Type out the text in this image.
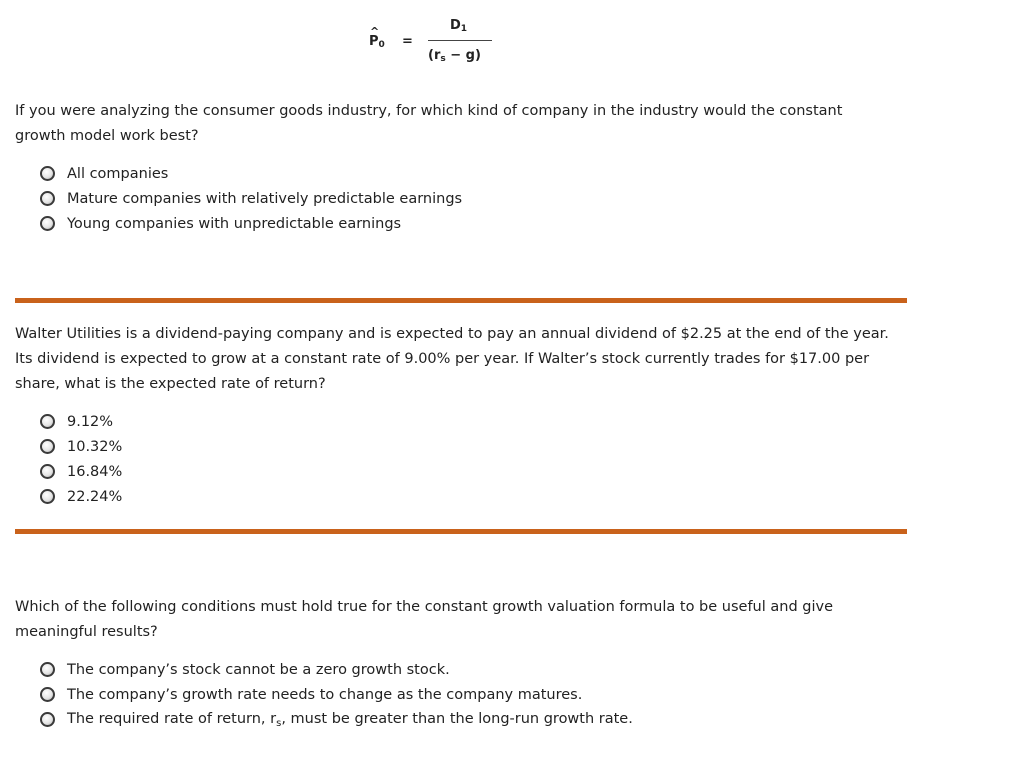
^ $P_0$ =
$D_1$
$(r_s - g)$

If you were analyzing the consumer goods industry, for which kind of company in the industry would the constant growth model work best?

All companies
Mature companies with relatively predictable earnings
Young companies with unpredictable earnings

Walter Utilities is a dividend-paying company and is expected to pay an annual dividend of $2.25 at the end of the year. Its dividend is expected to grow at a constant rate of 9.00% per year. If Walter’s stock currently trades for $17.00 per share, what is the expected rate of return?

9.12%
10.32%
16.84%
22.24%

Which of the following conditions must hold true for the constant growth valuation formula to be useful and give meaningful results?

The company’s stock cannot be a zero growth stock.
The company’s growth rate needs to change as the company matures.
The required rate of return, $r_s$, must be greater than the long-run growth rate.
